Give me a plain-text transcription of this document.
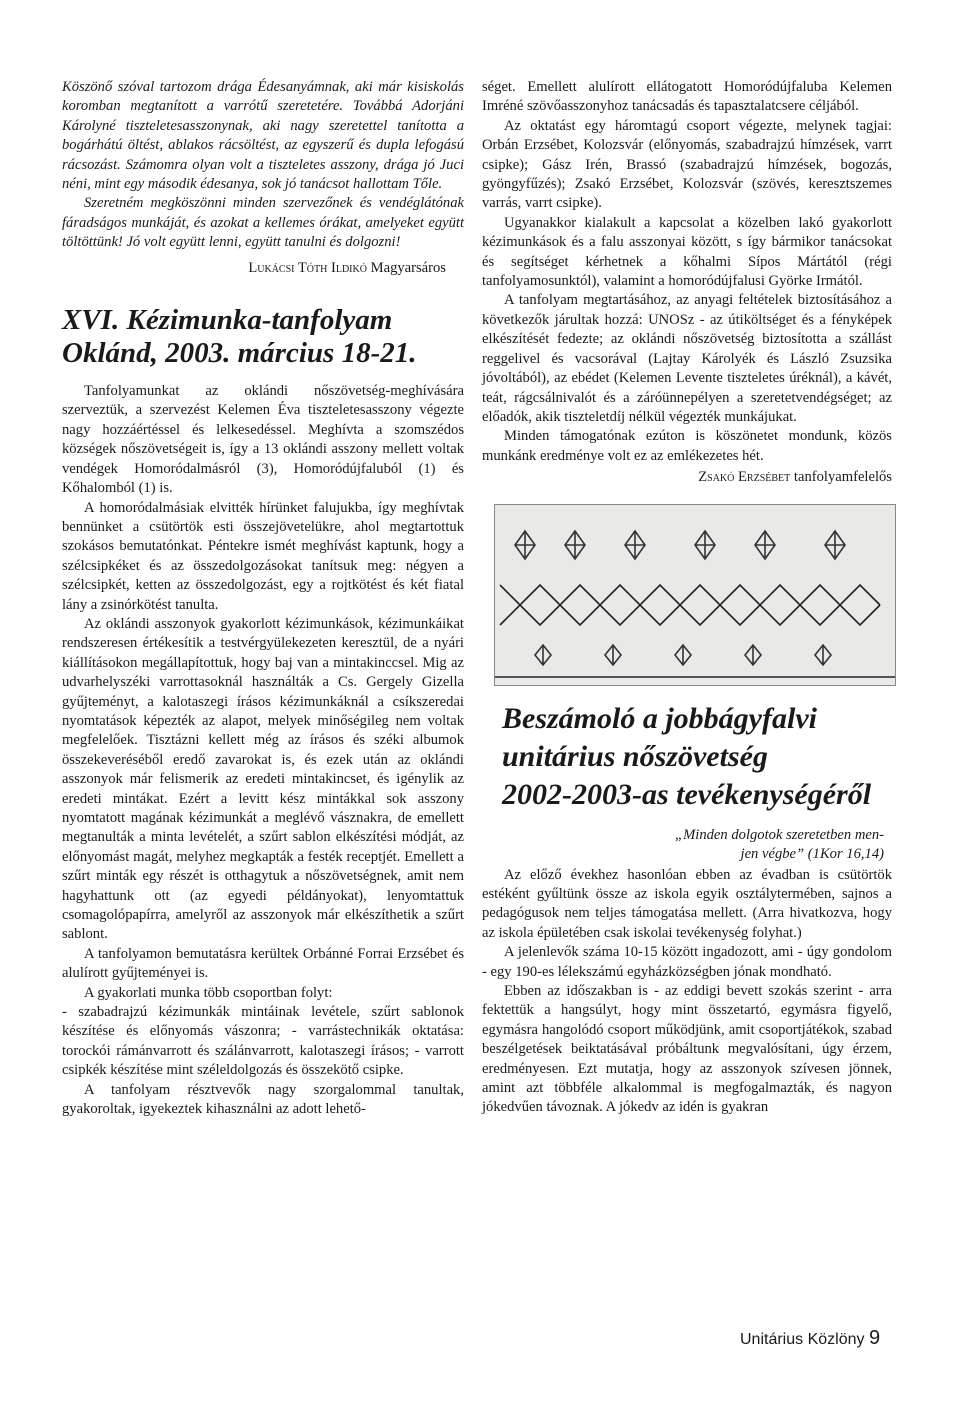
Köszönő szóval tartozom drága Édesanyámnak, aki már kisiskolás koromban megtanított a varrótű szeretetére. Továbbá Adorjáni Károlyné tiszteletesasszonynak, aki nagy szeretettel tanította a bogárhátú öltést, ablakos rácsöltést, az egyszerű és dupla lefogású rácsozást. Számomra olyan volt a tiszteletes asszony, drága jó Juci néni, mint egy második édesanya, sok jó tanácsot hallottam Tőle.

Szeretném megköszönni minden szervezőnek és vendéglátónak fáradságos munkáját, és azokat a kellemes órákat, amelyeket együtt töltöttünk! Jó volt együtt lenni, együtt tanulni és dolgozni!

Lukácsi Tóth Ildikó Magyarsáros

XVI. Kézimunka-tanfolyam
Oklánd, 2003. március 18-21.

Tanfolyamunkat az oklándi nőszövetség-meghívására szerveztük, a szervezést Kelemen Éva tiszteletesasszony végezte nagy hozzáértéssel és lelkesedéssel. Meghívta a szomszédos községek nőszövetségeit is, így a 13 oklándi asszony mellett voltak vendégek Homoródalmásról (3), Homoródújfaluból (1) és Kőhalomból (1) is.

A homoródalmásiak elvitték hírünket falujukba, így meghívtak bennünket a csütörtök esti összejövetelükre, ahol megtartottuk szokásos bemutatónkat. Péntekre ismét meghívást kaptunk, hogy a szélcsipkéket és az összedolgozásokat tanítsuk meg: négyen a szélcsipkét, ketten az összedolgozást, egy a rojtkötést és két fiatal lány a zsinórkötést tanulta.

Az oklándi asszonyok gyakorlott kézimunkások, kézimunkáikat rendszeresen értékesítik a testvérgyülekezeten keresztül, de a nyári kiállításokon megállapítottuk, hogy baj van a mintakinccsel. Mig az udvarhelyszéki varrottasoknál használták a Cs. Gergely Gizella gyűjteményt, a kalotaszegi írásos kézimunkáknál a csíkszeredai nyomtatások képezték az alapot, melyek minőségileg nem voltak megfelelőek. Tisztázni kellett még az írásos és széki albumok összekeveréséből eredő zavarokat is, és ezek után az oklándi asszonyok már felismerik az eredeti mintakincset, és igénylik az eredeti mintákat. Ezért a levitt kész mintákkal sok asszony nyomtatott magának kézimunkát a meglévő vásznakra, de emellett megtanulták a minta levételét, a szűrt sablon elkészítési módját, az előnyomást magát, melyhez megkapták a festék receptjét. Emellett a szűrt minták egy részét is otthagytuk a nőszövetségnek, amit nem hagyhattunk ott (az egyedi példányokat), lenyomtattuk csomagolópapírra, amelyről az asszonyok már elkészíthetik a szűrt sablont.

A tanfolyamon bemutatásra kerültek Orbánné Forrai Erzsébet és alulírott gyűjteményei is.

A gyakorlati munka több csoportban folyt:

- szabadrajzú kézimunkák mintáinak levétele, szűrt sablonok készítése és előnyomás vászonra; - varrástechnikák oktatása: torockói rámánvarrott és szálánvarrott, kalotaszegi írásos; - varrott csipkék készítése mint széleldolgozás és összekötő csipke.

A tanfolyam résztvevők nagy szorgalommal tanultak, gyakoroltak, igyekeztek kihasználni az adott lehető-

séget. Emellett alulírott ellátogatott Homoródújfaluba Kelemen Imréné szövőasszonyhoz tanácsadás és tapasztalatcsere céljából.

Az oktatást egy háromtagú csoport végezte, melynek tagjai: Orbán Erzsébet, Kolozsvár (előnyomás, szabadrajzú hímzések, varrt csipke); Gász Irén, Brassó (szabadrajzú hímzések, bogozás, gyöngyfűzés); Zsakó Erzsébet, Kolozsvár (szövés, keresztszemes varrás, varrt csipke).

Ugyanakkor kialakult a kapcsolat a közelben lakó gyakorlott kézimunkások és a falu asszonyai között, s így bármikor tanácsokat és segítséget kérhetnek a kőhalmi Sípos Mártától (régi tanfolyamosunktól), valamint a homoródújfalusi Györke Irmától.

A tanfolyam megtartásához, az anyagi feltételek biztosításához a következők járultak hozzá: UNOSz - az útiköltséget és a fényképek elkészítését fedezte; az oklándi nőszövetség biztosította a szállást reggelivel és vacsorával (Lajtay Károlyék és László Zsuzsika jóvoltából), az ebédet (Kelemen Levente tiszteletes úréknál), a kávét, teát, rágcsálnivalót és a záróünnepélyen a szeretetvendégséget; az előadók, akik tiszteletdíj nélkül végezték munkájukat.

Minden támogatónak ezúton is köszönetet mondunk, közös munkánk eredménye volt ez az emlékezetes hét.

Zsakó Erzsébet tanfolyamfelelős

Beszámoló a jobbágyfalvi
unitárius nőszövetség
2002-2003-as tevékenységéről
„Minden dolgotok szeretetben men-
jen végbe” (1Kor 16,14)

Az előző évekhez hasonlóan ebben az évadban is csütörtök estéként gyűltünk össze az iskola egyik osztálytermében, sajnos a pedagógusok nem teljes támogatása mellett. (Arra hivatkozva, hogy az iskola épületében csak iskolai tevékenység folyhat.)

A jelenlevők száma 10-15 között ingadozott, ami - úgy gondolom - egy 190-es lélekszámú egyházközségben jónak mondható.

Ebben az időszakban is - az eddigi bevett szokás szerint - arra fektettük a hangsúlyt, hogy mint összetartó, egymásra figyelő, egymásra hangolódó csoport működjünk, amit csoportjátékok, szabad beszélgetések beiktatásával próbáltunk megvalósítani, úgy érzem, eredményesen. Ezt mutatja, hogy az asszonyok szívesen jönnek, amint azt többféle alkalommal is megfogalmazták, és nagyon jókedvűen távoznak. A jókedv az idén is gyakran

Unitárius Közlöny 9
